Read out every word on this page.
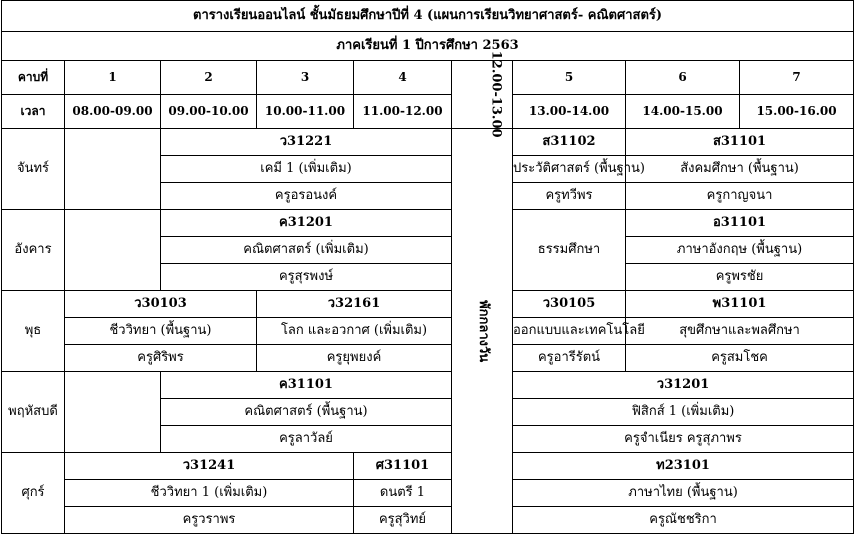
ตารางเรียนออนไลน์ ชั้นมัธยมศึกษาปีที่ 4 (แผนการเรียนวิทยาศาสตร์- คณิตศาสตร์)								
ภาคเรียนที่ 1 ปีการศึกษา 2563								
คาบที่	1	2	3	4	12.00-13.00	5	6	7
เวลา	08.00-09.00	09.00-10.00	10.00-11.00	11.00-12.00		13.00-14.00	14.00-15.00	15.00-16.00
จันทร์		ว31221			พักกลางวัน	ส31102	ส31101	
		เคมี 1 (เพิ่มเติม)				ประวัติศาสตร์ (พื้นฐาน)	สังคมศึกษา (พื้นฐาน)	
		ครูอรอนงค์				ครูทวีพร	ครูกาญจนา	
อังคาร		ค31201				ธรรมศึกษา	อ31101	
		คณิตศาสตร์ (เพิ่มเติม)					ภาษาอังกฤษ (พื้นฐาน)	
		ครูสุรพงษ์					ครูพรชัย	
พุธ	ว30103		ว32161			ว30105	พ31101	
	ชีววิทยา (พื้นฐาน)		โลก และอวกาศ (เพิ่มเติม)			ออกแบบและเทคโนโลยี	สุขศึกษาและพลศึกษา	
	ครูศิริพร		ครูยุพยงค์			ครูอารีรัตน์	ครูสมโชค	
พฤหัสบดี		ค31101				ว31201		
		คณิตศาสตร์ (พื้นฐาน)				ฟิสิกส์ 1 (เพิ่มเติม)		
		ครูลาวัลย์				ครูจำเนียร ครูสุภาพร		
ศุกร์	ว31241			ศ31101		ท23101		
	ชีววิทยา 1 (เพิ่มเติม)			ดนตรี 1		ภาษาไทย (พื้นฐาน)		
	ครูวราพร			ครูสุวิทย์		ครูณัชชริกา		
